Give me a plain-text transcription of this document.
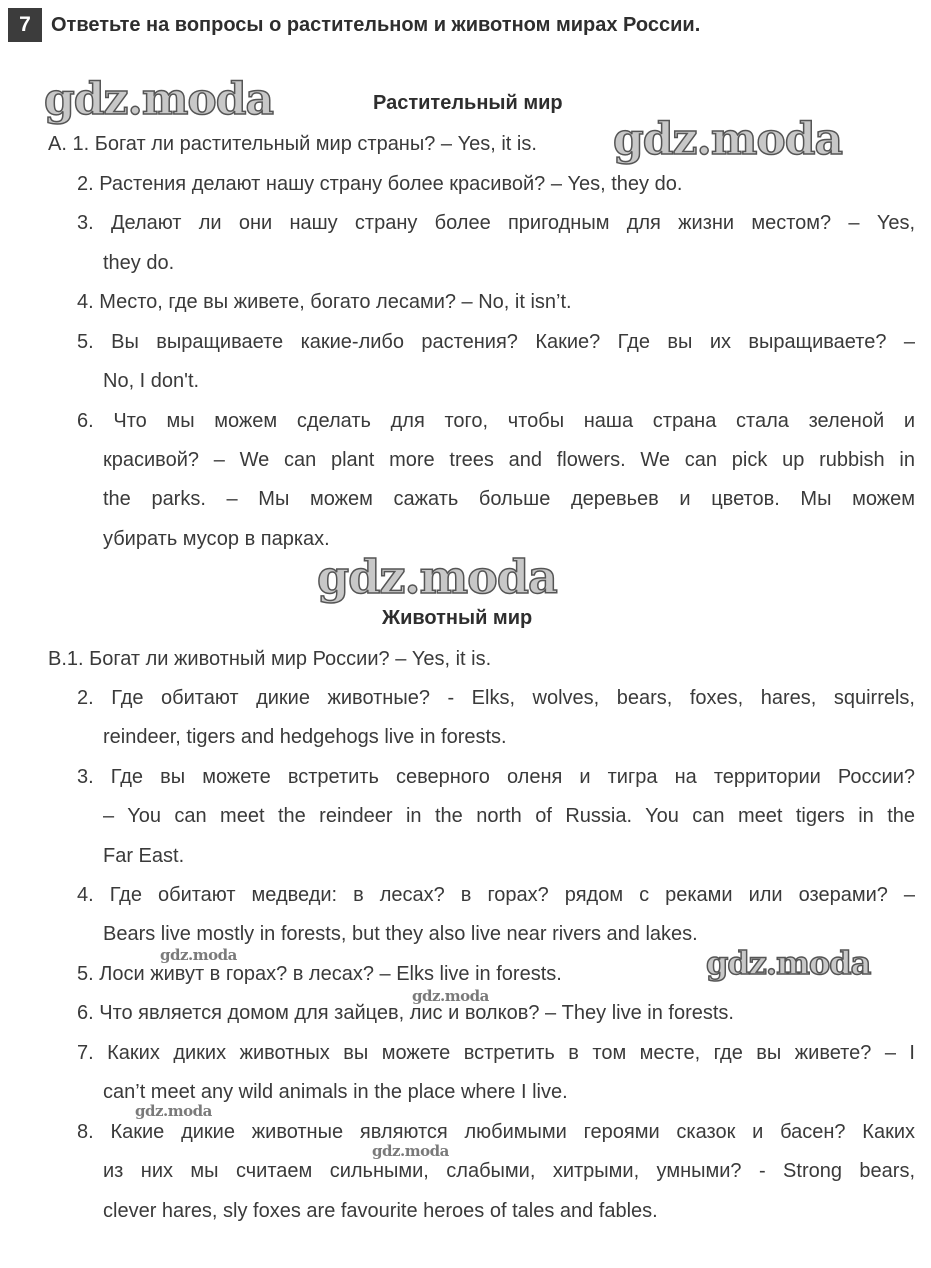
7	Ответьте на вопросы о растительном и животном мирах России.
gdz.moda	Растительный мир
A. 1. Богат ли растительный мир страны? – Yes, it is. gdz.moda
2. Растения делают нашу страну более красивой? – Yes, they do.
3. Делают ли они нашу страну более пригодным для жизни местом? – Yes,
they do.
4. Место, где вы живете, богато лесами? – No, it isn’t.
5. Вы выращиваете какие-либо растения? Какие? Где вы их выращиваете? –
No, I don't.
6. Что мы можем сделать для того, чтобы наша страна стала зеленой и
красивой? – We can plant more trees and flowers. We can pick up rubbish in
the parks. – Мы можем сажать больше деревьев и цветов. Мы можем
убирать мусор в парках.
gdz.moda
Животный мир
B.1. Богат ли животный мир России? – Yes, it is.
2. Где обитают дикие животные? - Elks, wolves, bears, foxes, hares, squirrels,
reindeer, tigers and hedgehogs live in forests.
3. Где вы можете встретить северного оленя и тигра на территории России?
– You can meet the reindeer in the north of Russia. You can meet tigers in the
Far East.
4. Где обитают медведи: в лесах? в горах? рядом с реками или озерами? –
Bears live mostly in forests, but they also live near rivers and lakes.
gdz.moda
5. Лоси живут в горах? в лесах? – Elks live in forests.	gdz.moda
gdz.moda
6. Что является домом для зайцев, лис и волков? – They live in forests.
7. Каких диких животных вы можете встретить в том месте, где вы живете? – I
can’t meet any wild animals in the place where I live.
gdz.moda
8. Какие дикие животные являются любимыми героями сказок и басен? Каких
gdz.moda
из них мы считаем сильными, слабыми, хитрыми, умными? - Strong bears,
clever hares, sly foxes are favourite heroes of tales and fables.
